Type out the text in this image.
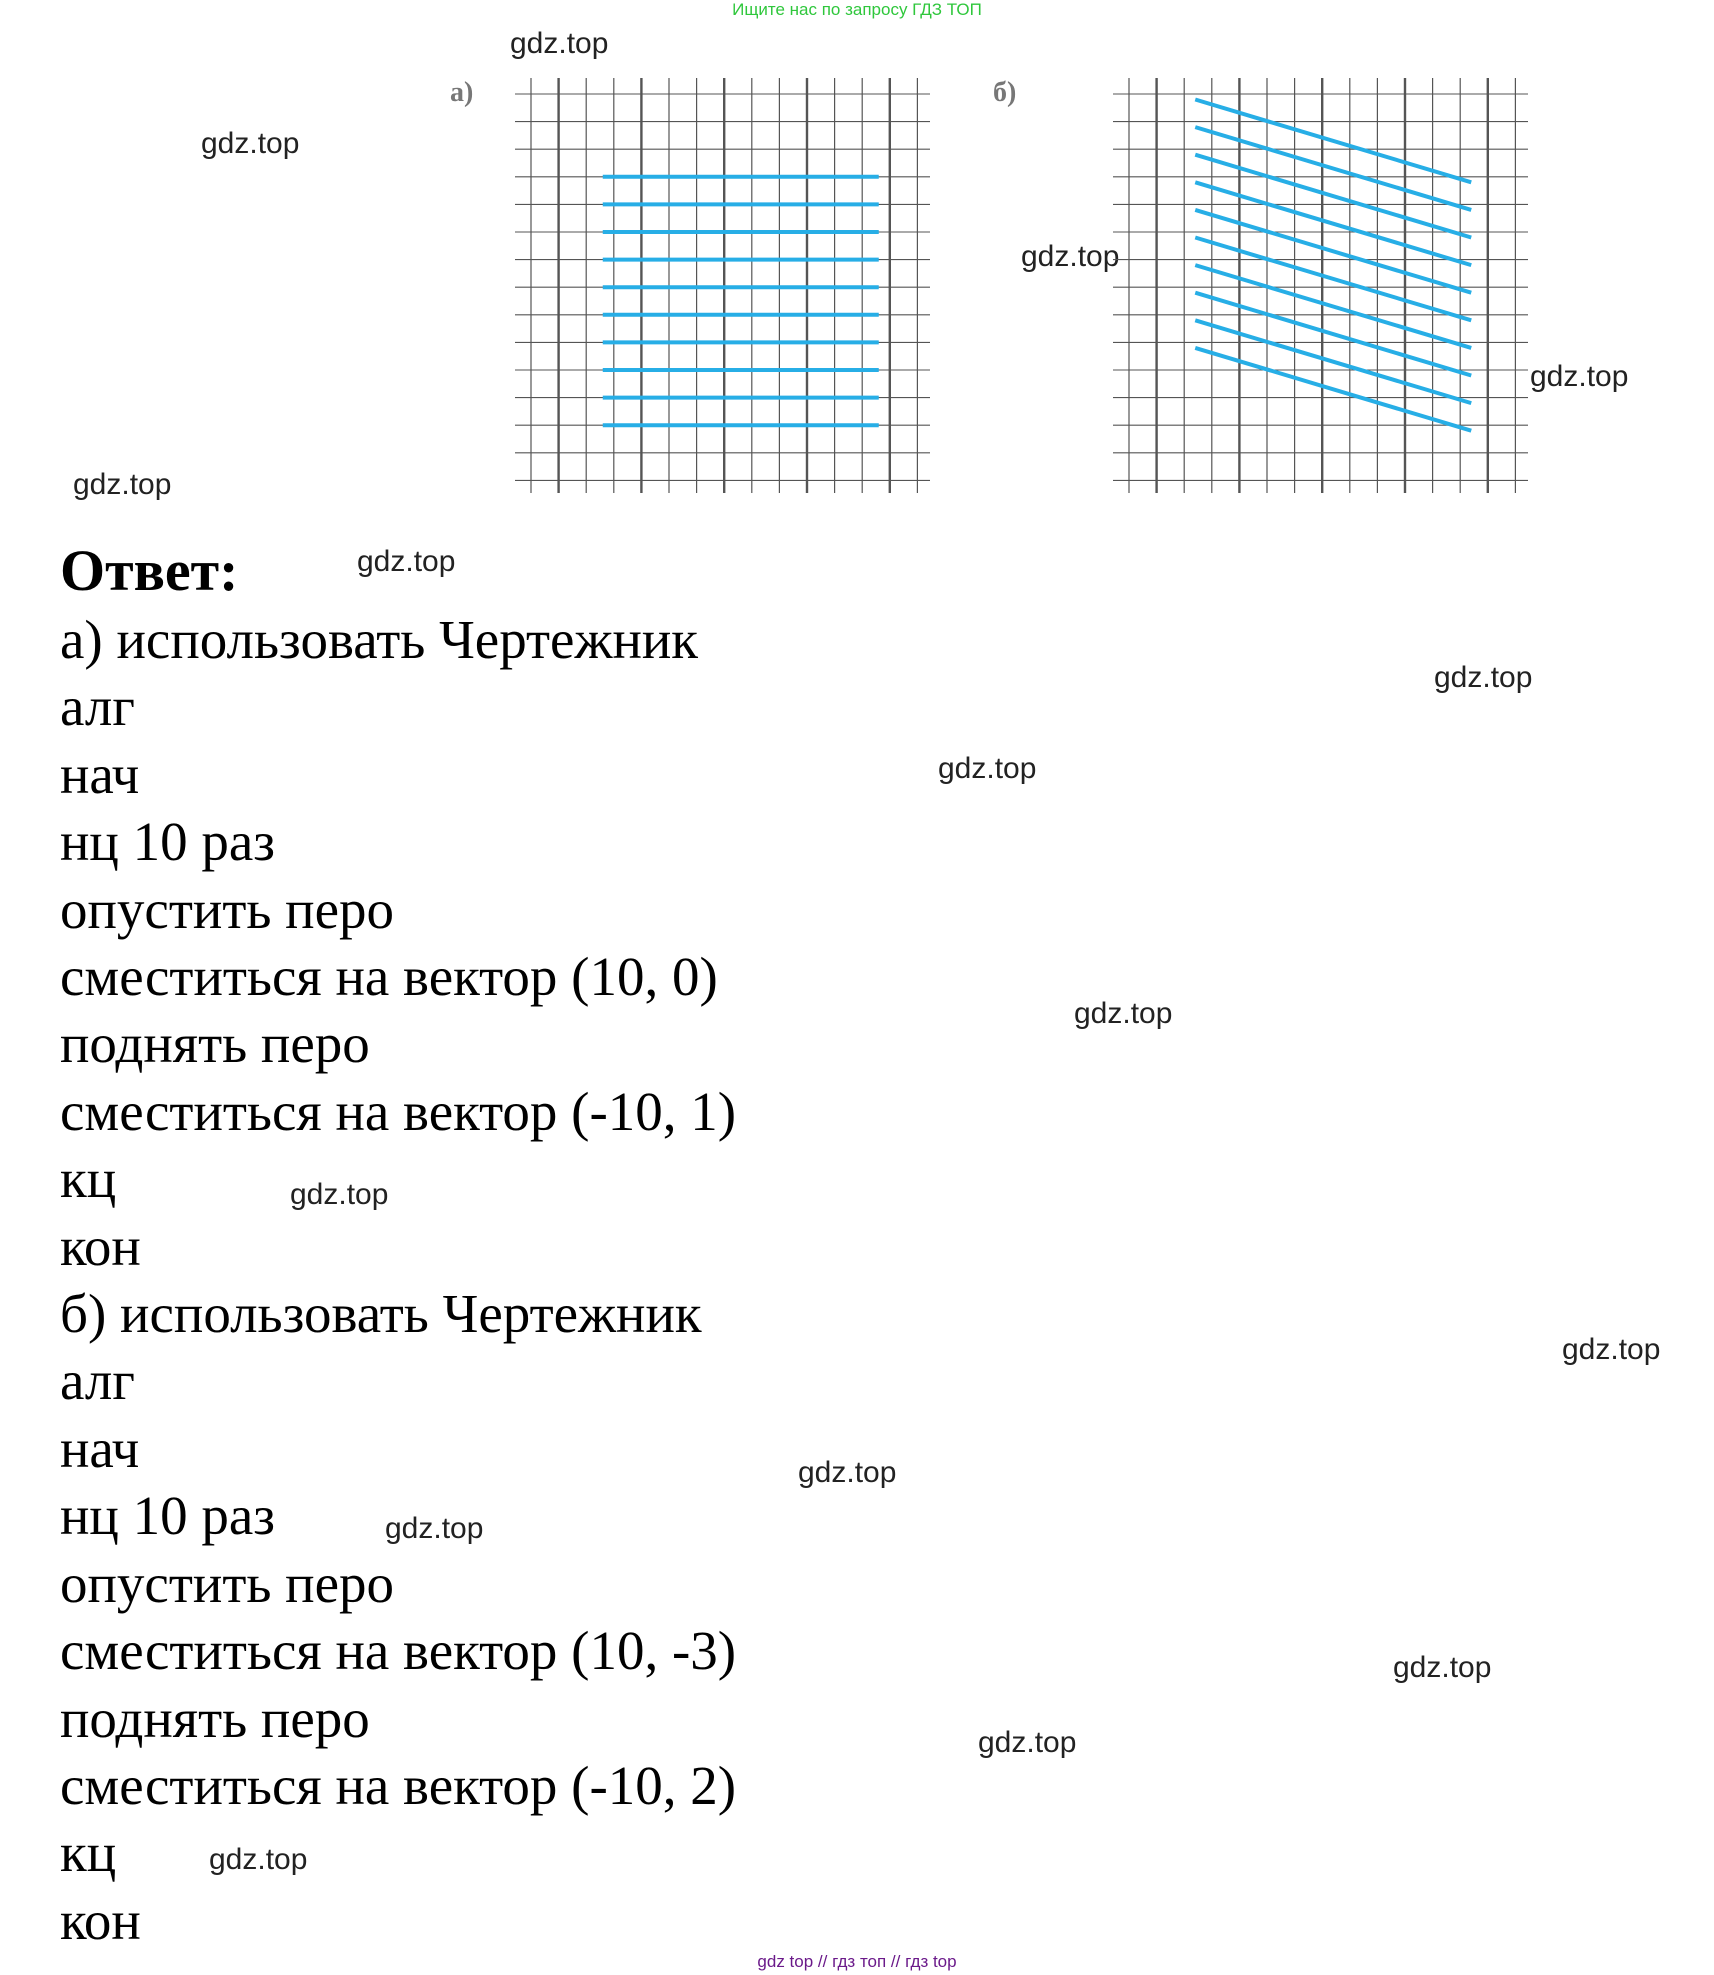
Ищите нас по запросу ГДЗ ТОП
gdz.top
gdz.top
gdz.top
gdz.top
gdz.top
gdz.top
gdz.top
gdz.top
gdz.top
gdz.top
gdz.top
gdz.top
gdz.top
gdz.top
gdz.top
gdz.top
а)	б)
Ответ:
а) использовать Чертежник
алг
нач
нц 10 раз
опустить перо
сместиться на вектор (10, 0)
поднять перо
сместиться на вектор (-10, 1)
кц
кон
б) использовать Чертежник
алг
нач
нц 10 раз
опустить перо
сместиться на вектор (10, -3)
поднять перо
сместиться на вектор (-10, 2)
кц
кон
gdz top // гдз топ // гдз top
